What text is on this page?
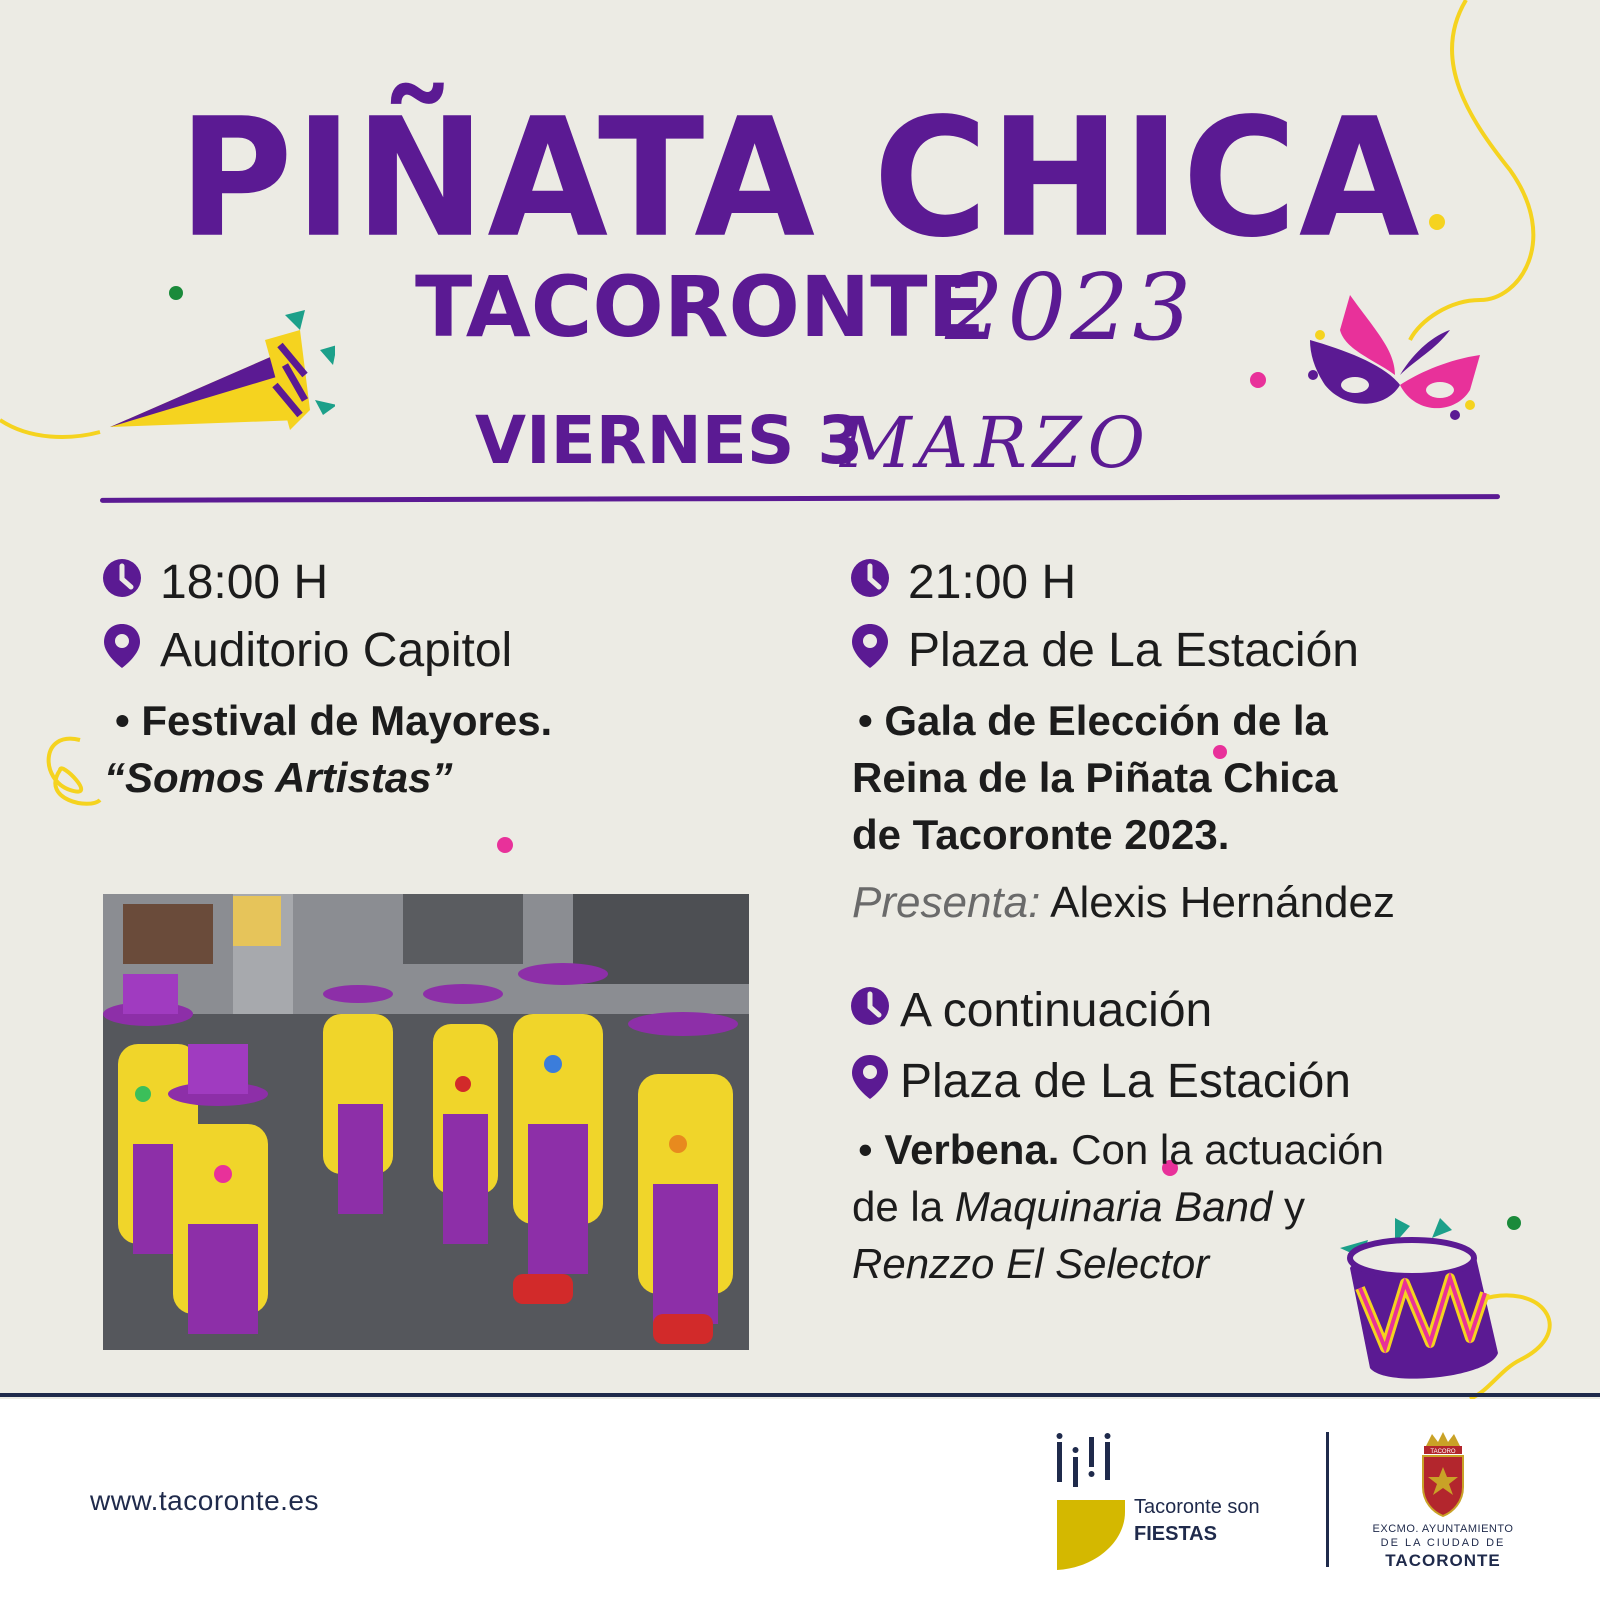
PIÑATA CHICA
TACORONTE
2023
VIERNES 3
MARZO
18:00 H
Auditorio Capitol
• Festival de Mayores.
“Somos Artistas”
21:00 H
Plaza de La Estación
• Gala de Elección de la
Reina de la Piñata Chica
de Tacoronte 2023.
Presenta: Alexis Hernández
A continuación
Plaza de La Estación
• Verbena. Con la actuación
de la Maquinaria Band y
Renzzo El Selector
www.tacoronte.es	Tacoronte son
FIESTAS
TACORO
EXCMO. AYUNTAMIENTO
DE LA CIUDAD DE
TACORONTE
